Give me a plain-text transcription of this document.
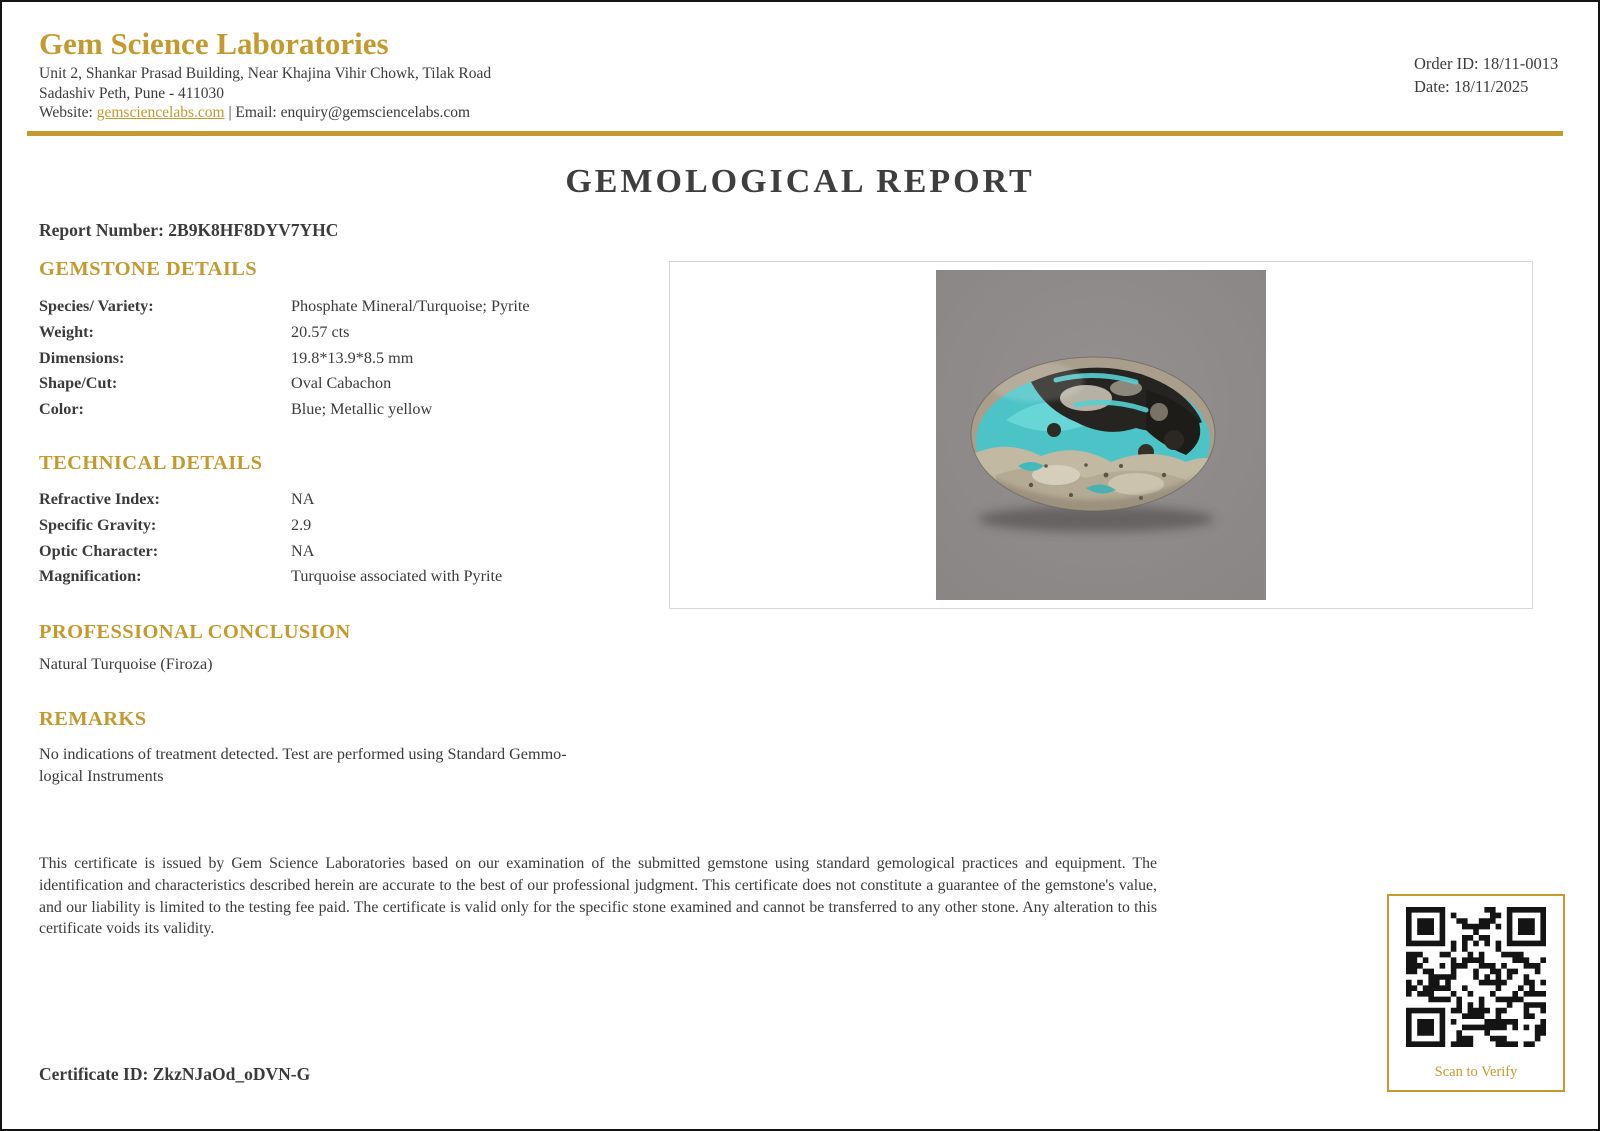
Gem Science Laboratories
Unit 2, Shankar Prasad Building, Near Khajina Vihir Chowk, Tilak Road
Sadashiv Peth, Pune - 411030
Website: gemsciencelabs.com | Email: enquiry@gemsciencelabs.com
Order ID: 18/11-0013
Date: 18/11/2025
GEMOLOGICAL REPORT
Report Number: 2B9K8HF8DYV7YHC
GEMSTONE DETAILS
Species/ Variety:	Phosphate Mineral/Turquoise; Pyrite
Weight:	20.57 cts
Dimensions:	19.8*13.9*8.5 mm
Shape/Cut:	Oval Cabachon
Color:	Blue; Metallic yellow
TECHNICAL DETAILS
Refractive Index:	NA
Specific Gravity:	2.9
Optic Character:	NA
Magnification:	Turquoise associated with Pyrite
PROFESSIONAL CONCLUSION
Natural Turquoise (Firoza)
REMARKS
No indications of treatment detected. Test are performed using Standard Gemmo-
logical Instruments
This certificate is issued by Gem Science Laboratories based on our examination of the submitted gemstone using standard gemological practices and equipment. The identification and characteristics described herein are accurate to the best of our professional judgment. This certificate does not constitute a guarantee of the gemstone's value, and our liability is limited to the testing fee paid. The certificate is valid only for the specific stone examined and cannot be transferred to any other stone. Any alteration to this certificate voids its validity.
Scan to Verify
Certificate ID: ZkzNJaOd_oDVN-G
